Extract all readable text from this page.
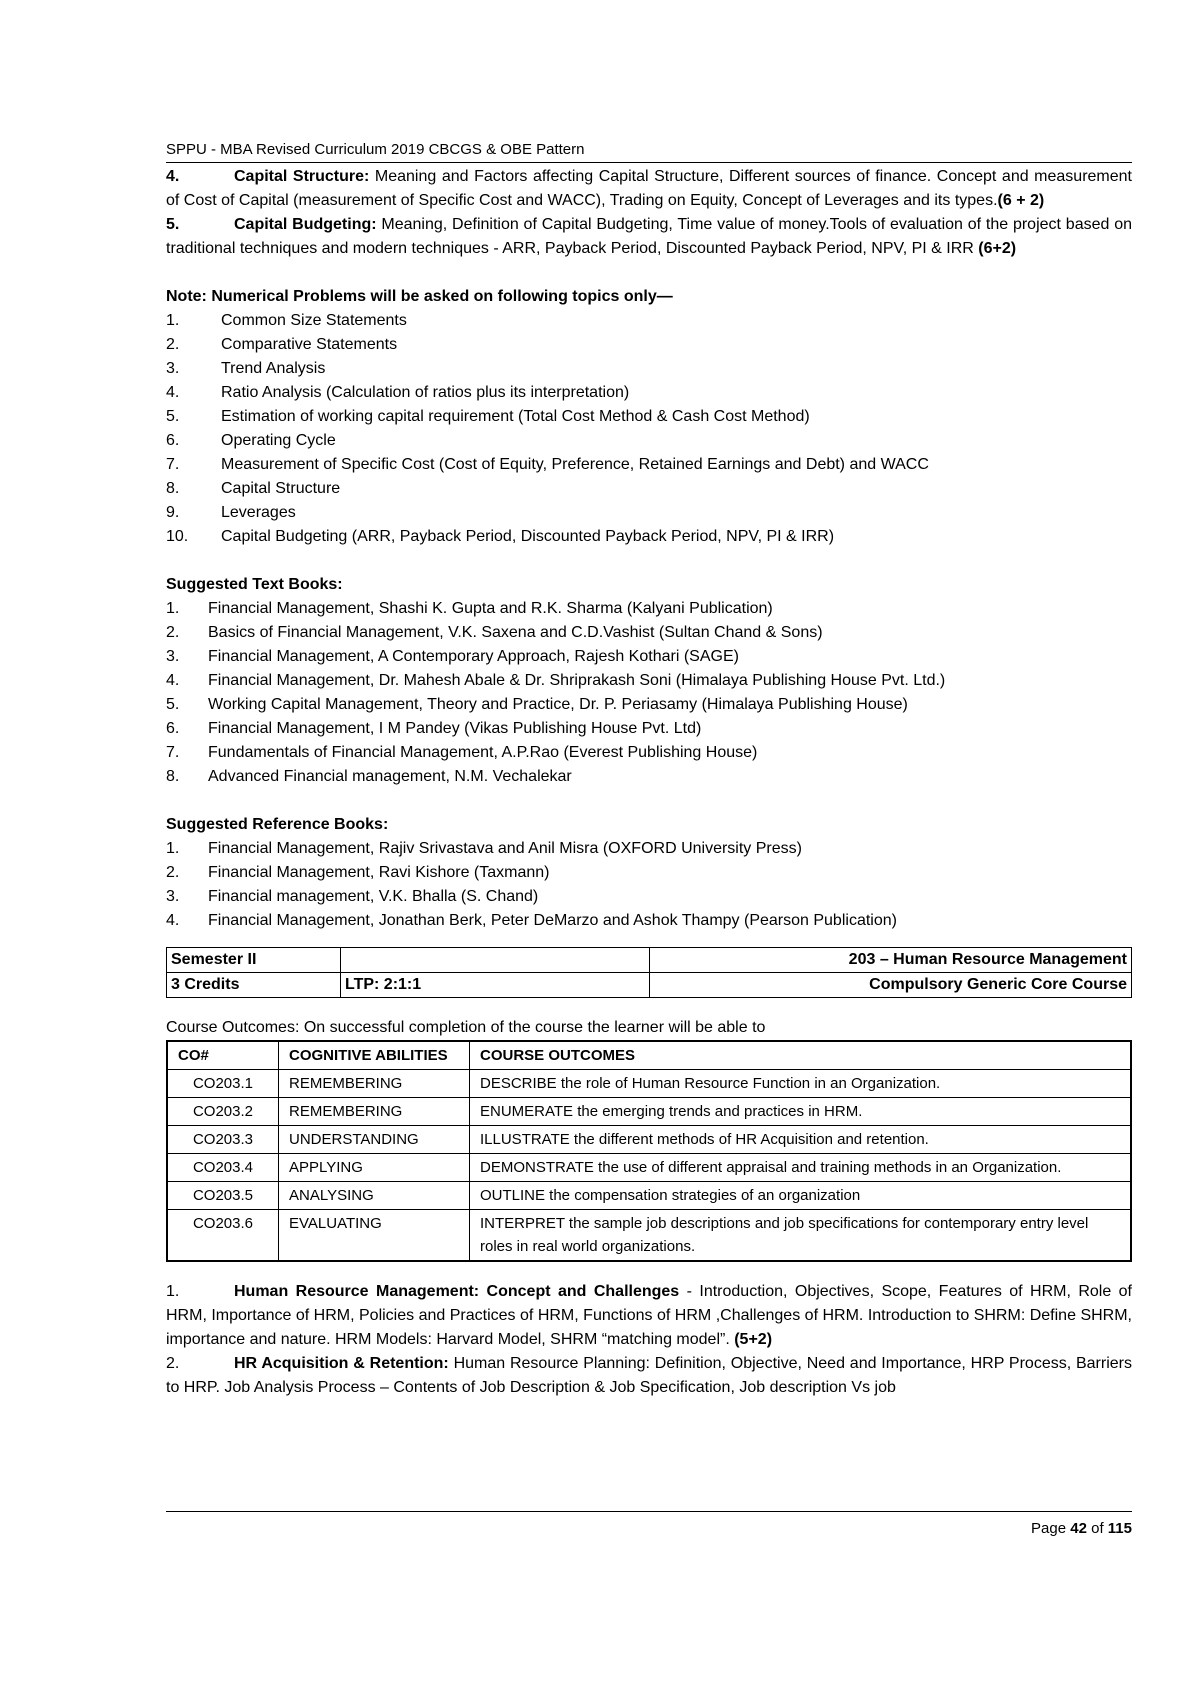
SPPU - MBA Revised Curriculum 2019 CBCGS & OBE Pattern

4.	Capital Structure: Meaning and Factors affecting Capital Structure, Different sources of finance. Concept and measurement of Cost of Capital (measurement of Specific Cost and WACC), Trading on Equity, Concept of Leverages and its types.(6 + 2)

5.	Capital Budgeting: Meaning, Definition of Capital Budgeting, Time value of money.Tools of evaluation of the project based on traditional techniques and modern techniques - ARR, Payback Period, Discounted Payback Period, NPV, PI & IRR (6+2)

Note: Numerical Problems will be asked on following topics only—
1.	Common Size Statements
2.	Comparative Statements
3.	Trend Analysis
4.	Ratio Analysis (Calculation of ratios plus its interpretation)
5.	Estimation of working capital requirement (Total Cost Method & Cash Cost Method)
6.	Operating Cycle
7.	Measurement of Specific Cost (Cost of Equity, Preference, Retained Earnings and Debt) and WACC
8.	Capital Structure
9.	Leverages
10.	Capital Budgeting (ARR, Payback Period, Discounted Payback Period, NPV, PI & IRR)
Suggested Text Books:
1.	Financial Management, Shashi K. Gupta and R.K. Sharma (Kalyani Publication)
2.	Basics of Financial Management, V.K. Saxena and C.D.Vashist (Sultan Chand & Sons)
3.	Financial Management, A Contemporary Approach, Rajesh Kothari (SAGE)
4.	Financial Management, Dr. Mahesh Abale & Dr. Shriprakash Soni (Himalaya Publishing House Pvt. Ltd.)
5.	Working Capital Management, Theory and Practice, Dr. P. Periasamy (Himalaya Publishing House)
6.	Financial Management, I M Pandey (Vikas Publishing House Pvt. Ltd)
7.	Fundamentals of Financial Management, A.P.Rao (Everest Publishing House)
8.	Advanced Financial management, N.M. Vechalekar
Suggested Reference Books:
1.	Financial Management, Rajiv Srivastava and Anil Misra (OXFORD University Press)
2.	Financial Management, Ravi Kishore (Taxmann)
3.	Financial management, V.K. Bhalla (S. Chand)
4.	Financial Management, Jonathan Berk, Peter DeMarzo and Ashok Thampy (Pearson Publication)
Semester II		203 – Human Resource Management
3 Credits	LTP: 2:1:1	Compulsory Generic Core Course
Course Outcomes: On successful completion of the course the learner will be able to
CO#	COGNITIVE ABILITIES	COURSE OUTCOMES
CO203.1	REMEMBERING	DESCRIBE the role of Human Resource Function in an Organization.
CO203.2	REMEMBERING	ENUMERATE the emerging trends and practices in HRM.
CO203.3	UNDERSTANDING	ILLUSTRATE the different methods of HR Acquisition and retention.
CO203.4	APPLYING	DEMONSTRATE the use of different appraisal and training methods in an Organization.
CO203.5	ANALYSING	OUTLINE the compensation strategies of an organization
CO203.6	EVALUATING	INTERPRET the sample job descriptions and job specifications for contemporary entry level roles in real world organizations.

1.	Human Resource Management: Concept and Challenges - Introduction, Objectives, Scope, Features of HRM, Role of HRM, Importance of HRM, Policies and Practices of HRM, Functions of HRM ,Challenges of HRM. Introduction to SHRM: Define SHRM, importance and nature. HRM Models: Harvard Model, SHRM “matching model”. (5+2)

2.	HR Acquisition & Retention: Human Resource Planning: Definition, Objective, Need and Importance, HRP Process, Barriers to HRP. Job Analysis Process – Contents of Job Description & Job Specification, Job description Vs job

Page 42 of 115
